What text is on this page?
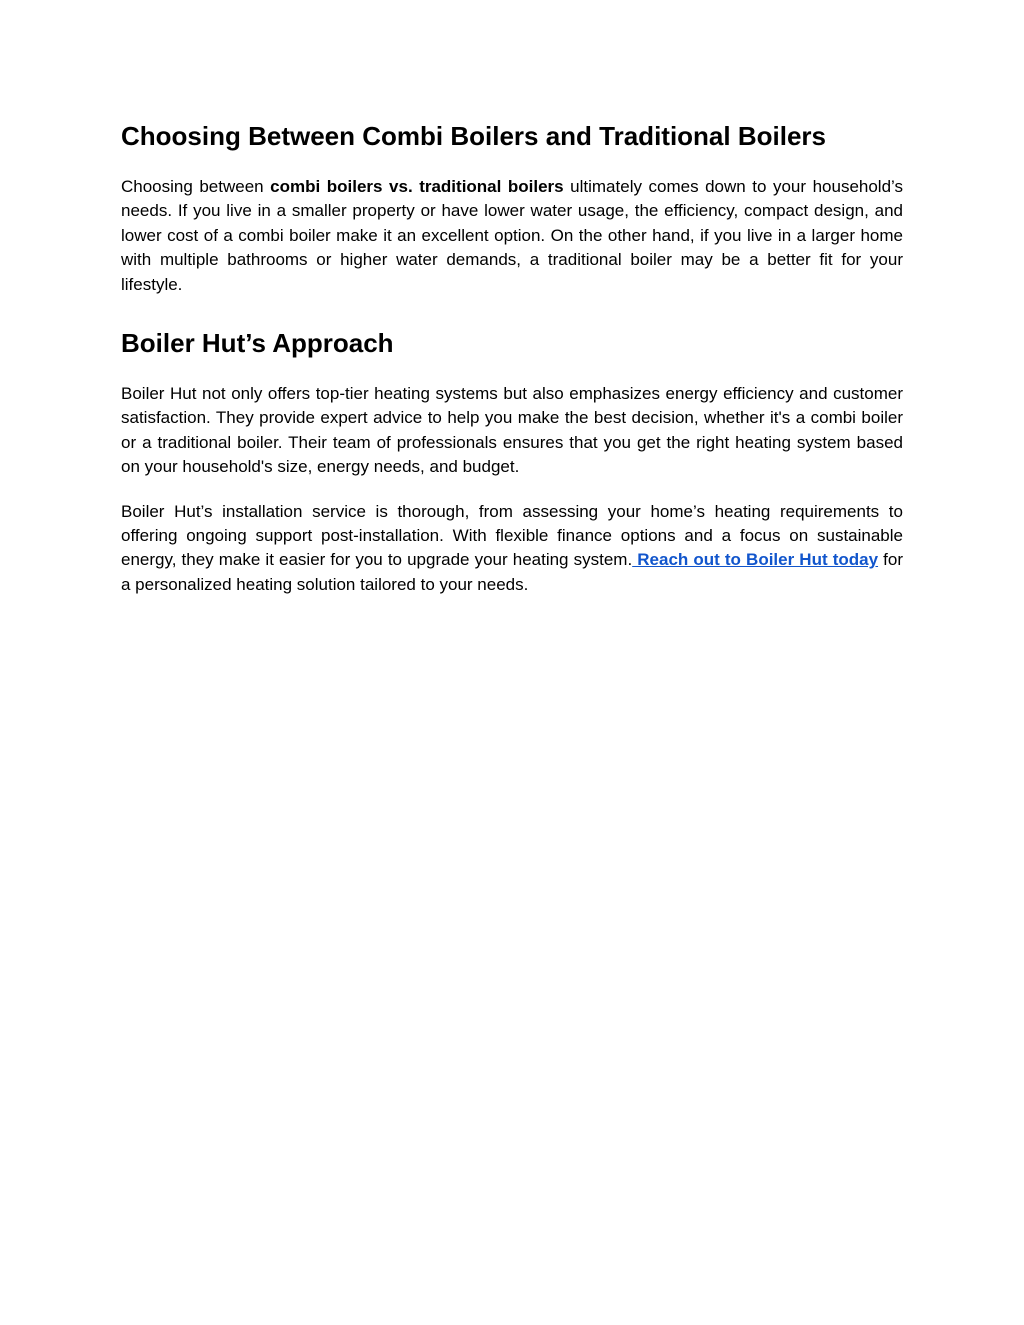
Choosing Between Combi Boilers and Traditional Boilers

Choosing between combi boilers vs. traditional boilers ultimately comes down to your household’s needs. If you live in a smaller property or have lower water usage, the efficiency, compact design, and lower cost of a combi boiler make it an excellent option. On the other hand, if you live in a larger home with multiple bathrooms or higher water demands, a traditional boiler may be a better fit for your lifestyle.

Boiler Hut’s Approach

Boiler Hut not only offers top-tier heating systems but also emphasizes energy efficiency and customer satisfaction. They provide expert advice to help you make the best decision, whether it's a combi boiler or a traditional boiler. Their team of professionals ensures that you get the right heating system based on your household's size, energy needs, and budget.

Boiler Hut’s installation service is thorough, from assessing your home’s heating requirements to offering ongoing support post-installation. With flexible finance options and a focus on sustainable energy, they make it easier for you to upgrade your heating system. Reach out to Boiler Hut today for a personalized heating solution tailored to your needs.
